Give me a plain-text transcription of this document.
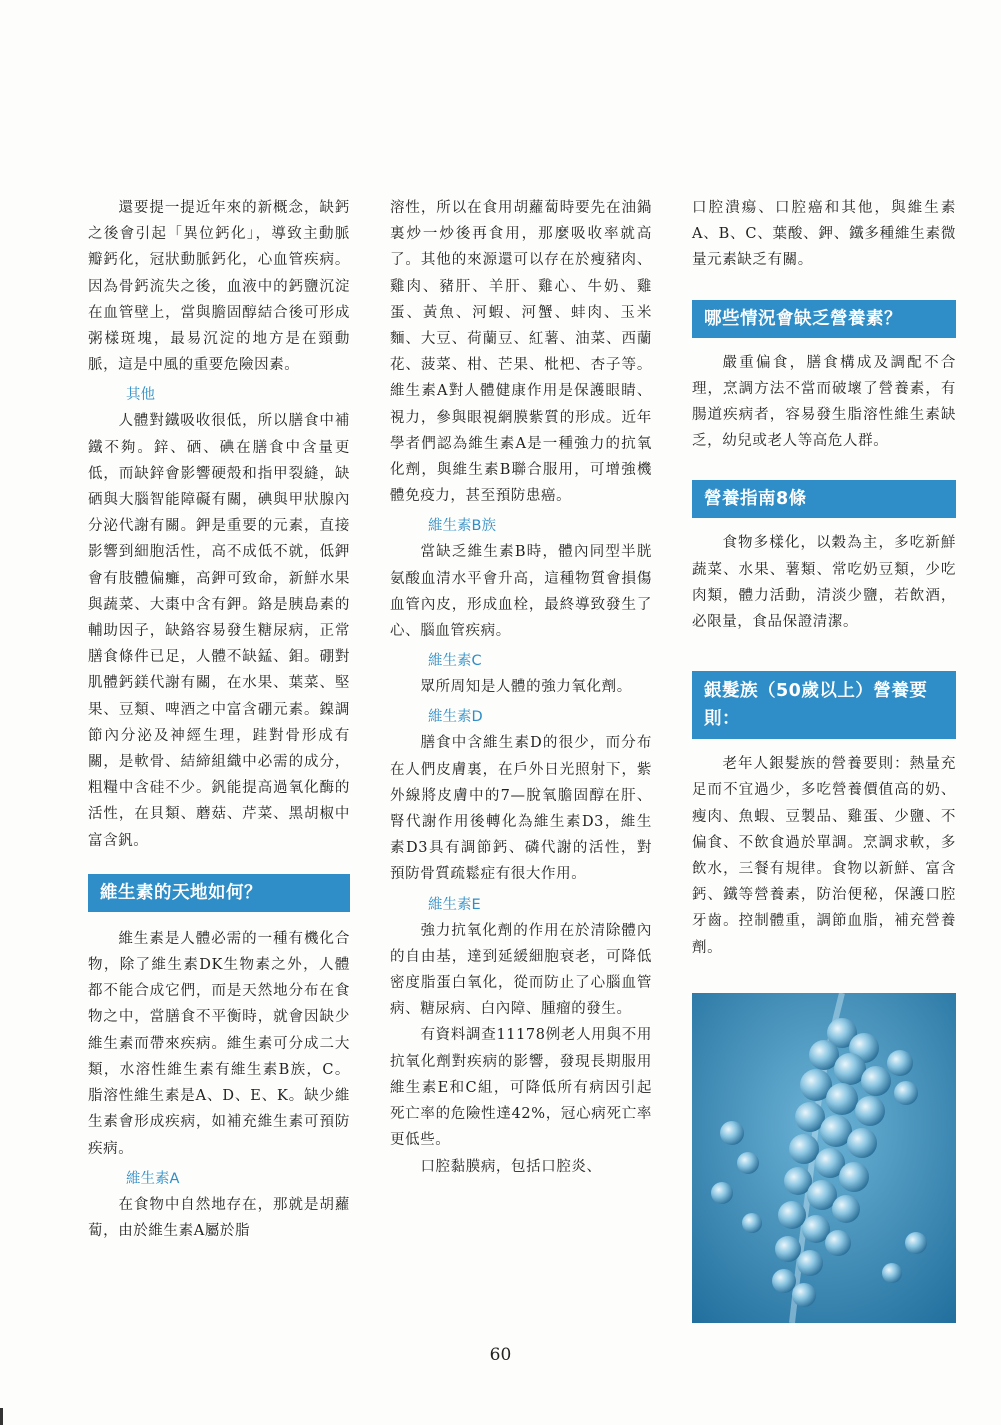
還要提一提近年來的新概念，缺鈣之後會引起「異位鈣化」，導致主動脈瓣鈣化，冠狀動脈鈣化，心血管疾病。因為骨鈣流失之後，血液中的鈣鹽沉淀在血管壁上，當與膽固醇結合後可形成粥樣斑塊，最易沉淀的地方是在頸動脈，這是中風的重要危險因素。

其他

人體對鐵吸收很低，所以膳食中補鐵不夠。鋅、硒、碘在膳食中含量更低，而缺鋅會影響硬殼和指甲裂縫，缺硒與大腦智能障礙有關，碘與甲狀腺內分泌代謝有關。鉀是重要的元素，直接影響到細胞活性，高不成低不就，低鉀會有肢體偏癱，高鉀可致命，新鮮水果與蔬菜、大棗中含有鉀。鉻是胰島素的輔助因子，缺鉻容易發生糖尿病，正常膳食條件已足，人體不缺錳、鉬。硼對肌體鈣鎂代謝有關，在水果、葉菜、堅果、豆類、啤酒之中富含硼元素。鎳調節內分泌及神經生理，跬對骨形成有關，是軟骨、結締組織中必需的成分，粗糧中含硅不少。釩能提高過氧化酶的活性，在貝類、蘑菇、芹菜、黑胡椒中富含釩。

維生素的天地如何？

維生素是人體必需的一種有機化合物，除了維生素DK生物素之外，人體都不能合成它們，而是天然地分布在食物之中，當膳食不平衡時，就會因缺少維生素而帶來疾病。維生素可分成二大類，水溶性維生素有維生素B族，C。脂溶性維生素是A、D、E、K。缺少維生素會形成疾病，如補充維生素可預防疾病。

維生素A

在食物中自然地存在，那就是胡蘿蔔，由於維生素A屬於脂

溶性，所以在食用胡蘿蔔時要先在油鍋裏炒一炒後再食用，那麼吸收率就高了。其他的來源還可以存在於瘦豬肉、雞肉、豬肝、羊肝、雞心、牛奶、雞蛋、黃魚、河蝦、河蟹、蚌肉、玉米麵、大豆、荷蘭豆、紅薯、油菜、西蘭花、菠菜、柑、芒果、枇杷、杏子等。維生素A對人體健康作用是保護眼睛、視力，參與眼視網膜紫質的形成。近年學者們認為維生素A是一種強力的抗氧化劑，與維生素B聯合服用，可增強機體免疫力，甚至預防患癌。

維生素B族

當缺乏維生素B時，體內同型半胱氨酸血清水平會升高，這種物質會損傷血管內皮，形成血栓，最終導致發生了心、腦血管疾病。

維生素C

眾所周知是人體的強力氧化劑。

維生素D

膳食中含維生素D的很少，而分布在人們皮膚裏，在戶外日光照射下，紫外線將皮膚中的7—脫氧膽固醇在肝、腎代謝作用後轉化為維生素D3，維生素D3具有調節鈣、磷代謝的活性，對預防骨質疏鬆症有很大作用。

維生素E

強力抗氧化劑的作用在於清除體內的自由基，達到延緩細胞衰老，可降低密度脂蛋白氧化，從而防止了心腦血管病、糖尿病、白內障、腫瘤的發生。

有資料調查11178例老人用與不用抗氧化劑對疾病的影響，發現長期服用維生素E和C組，可降低所有病因引起死亡率的危險性達42%，冠心病死亡率更低些。

口腔黏膜病，包括口腔炎、

口腔潰瘍、口腔癌和其他，與維生素A、B、C、葉酸、鉀、鐵多種維生素微量元素缺乏有關。

哪些情況會缺乏營養素？

嚴重偏食，膳食構成及調配不合理，烹調方法不當而破壞了營養素，有腸道疾病者，容易發生脂溶性維生素缺乏，幼兒或老人等高危人群。

營養指南8條

食物多樣化，以穀為主，多吃新鮮蔬菜、水果、薯類、常吃奶豆類，少吃肉類，體力活動，清淡少鹽，若飲酒，必限量，食品保證清潔。

銀髮族（50歲以上）營養要則：

老年人銀髮族的營養要則：熱量充足而不宜過少，多吃營養價值高的奶、瘦肉、魚蝦、豆製品、雞蛋、少鹽、不偏食、不飲食過於單調。烹調求軟，多飲水，三餐有規律。食物以新鮮、富含鈣、鐵等營養素，防治便秘，保護口腔牙齒。控制體重，調節血脂，補充營養劑。

60
